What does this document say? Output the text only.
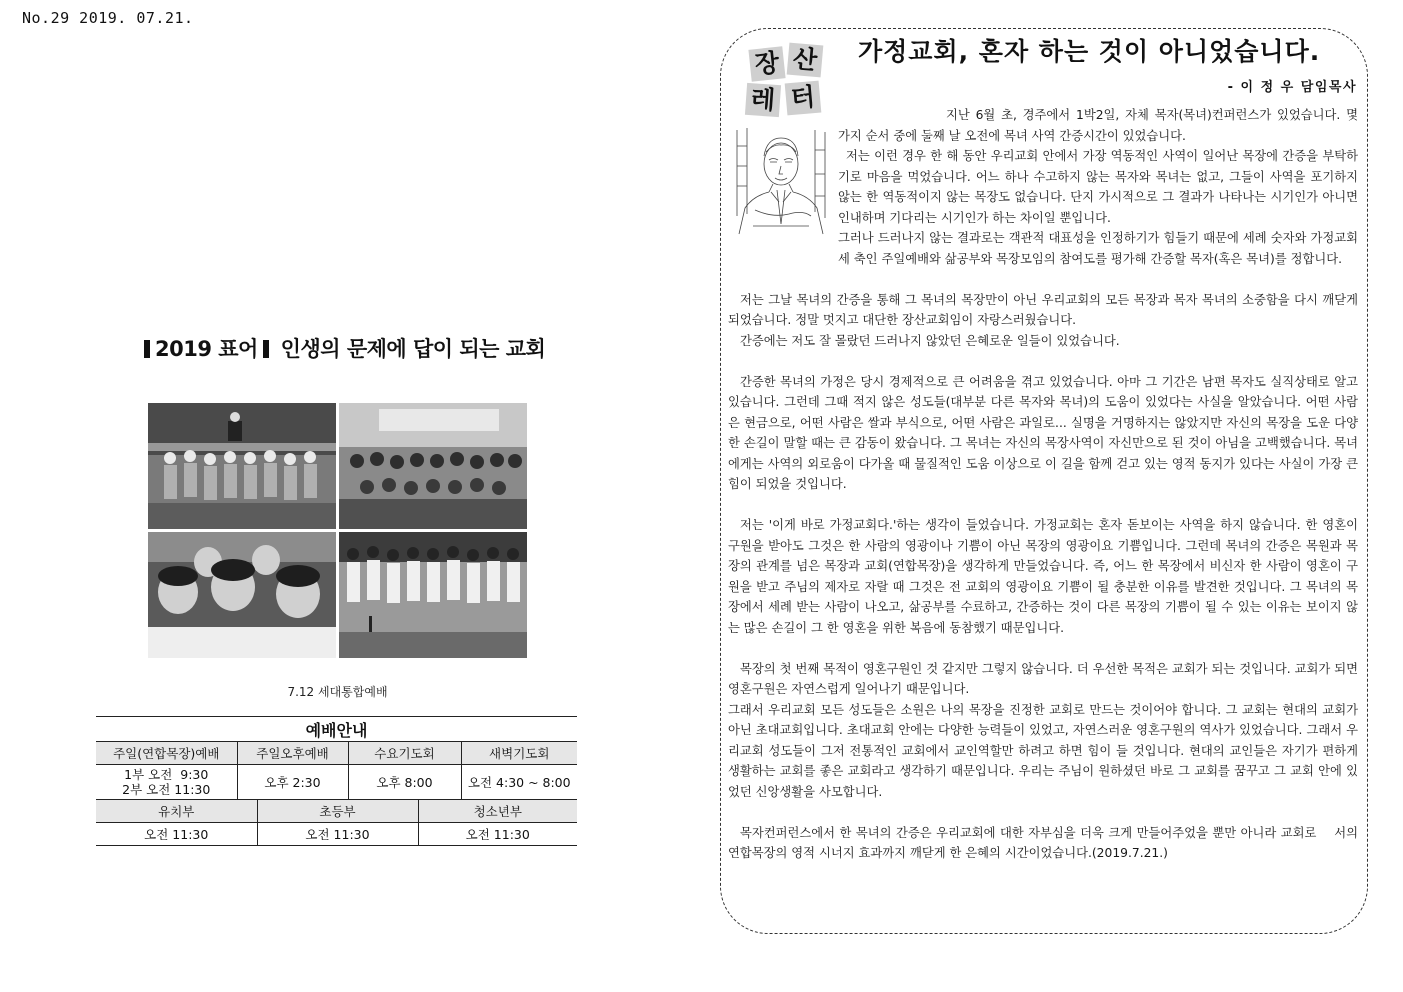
No.29 2019. 07.21.
2019 표어 인생의 문제에 답이 되는 교회
7.12 세대통합예배
예배안내					
주일(연합목장)예배	주일오후예배		수요기도회		새벽기도회

1부 오전  9:30
2부 오전 11:30	오후 2:30		오후 8:00		오전 4:30 ~ 8:00
유치부		초등부		청소년부	
오전 11:30		오전 11:30		오전 11:30	
장 산
레 터
가정교회, 혼자 하는 것이 아니었습니다.
- 이 정 우 담임목사

지난 6월 초, 경주에서 1박2일, 자체 목자(목녀)컨퍼런스가 있었습니다. 몇 가지 순서 중에 둘째 날 오전에 목녀 사역 간증시간이 있었습니다.

저는 이런 경우 한 해 동안 우리교회 안에서 가장 역동적인 사역이 일어난 목장에 간증을 부탁하기로 마음을 먹었습니다. 어느 하나 수고하지 않는 목자와 목녀는 없고, 그들이 사역을 포기하지 않는 한 역동적이지 않는 목장도 없습니다. 단지 가시적으로 그 결과가 나타나는 시기인가 아니면 인내하며 기다리는 시기인가 하는 차이일 뿐입니다.

그러나 드러나지 않는 결과로는 객관적 대표성을 인정하기가 힘들기 때문에 세례 숫자와 가정교회 세 축인 주일예배와 삶공부와 목장모임의 참여도를 평가해 간증할 목자(혹은 목녀)를 정합니다.

저는 그날 목녀의 간증을 통해 그 목녀의 목장만이 아닌 우리교회의 모든 목장과 목자 목녀의 소중함을 다시 깨닫게 되었습니다. 정말 멋지고 대단한 장산교회임이 자랑스러웠습니다.

간증에는 저도 잘 몰랐던 드러나지 않았던 은혜로운 일들이 있었습니다.

간증한 목녀의 가정은 당시 경제적으로 큰 어려움을 겪고 있었습니다. 아마 그 기간은 남편 목자도 실직상태로 알고 있습니다. 그런데 그때 적지 않은 성도들(대부분 다른 목자와 목녀)의 도움이 있었다는 사실을 알았습니다. 어떤 사람은 현금으로, 어떤 사람은 쌀과 부식으로, 어떤 사람은 과일로... 실명을 거명하지는 않았지만 자신의 목장을 도운 다양한 손길이 말할 때는 큰 감동이 왔습니다. 그 목녀는 자신의 목장사역이 자신만으로 된 것이 아님을 고백했습니다. 목녀에게는 사역의 외로움이 다가올 때 물질적인 도움 이상으로 이 길을 함께 걷고 있는 영적 동지가 있다는 사실이 가장 큰 힘이 되었을 것입니다.

저는 '이게 바로 가정교회다.'하는 생각이 들었습니다. 가정교회는 혼자 돋보이는 사역을 하지 않습니다. 한 영혼이 구원을 받아도 그것은 한 사람의 영광이나 기쁨이 아닌 목장의 영광이요 기쁨입니다. 그런데 목녀의 간증은 목원과 목장의 관계를 넘은 목장과 교회(연합목장)을 생각하게 만들었습니다. 즉, 어느 한 목장에서 비신자 한 사람이 영혼이 구원을 받고 주님의 제자로 자랄 때 그것은 전 교회의 영광이요 기쁨이 될 충분한 이유를 발견한 것입니다. 그 목녀의 목장에서 세례 받는 사람이 나오고, 삶공부를 수료하고, 간증하는 것이 다른 목장의 기쁨이 될 수 있는 이유는 보이지 않는 많은 손길이 그 한 영혼을 위한 복음에 동참했기 때문입니다.

목장의 첫 번째 목적이 영혼구원인 것 같지만 그렇지 않습니다. 더 우선한 목적은 교회가 되는 것입니다. 교회가 되면 영혼구원은 자연스럽게 일어나기 때문입니다.

그래서 우리교회 모든 성도들은 소원은 나의 목장을 진정한 교회로 만드는 것이어야 합니다. 그 교회는 현대의 교회가 아닌 초대교회입니다. 초대교회 안에는 다양한 능력들이 있었고, 자연스러운 영혼구원의 역사가 있었습니다. 그래서 우리교회 성도들이 그저 전통적인 교회에서 교인역할만 하려고 하면 힘이 들 것입니다. 현대의 교인들은 자기가 편하게 생활하는 교회를 좋은 교회라고 생각하기 때문입니다. 우리는 주님이 원하셨던 바로 그 교회를 꿈꾸고 그 교회 안에 있었던 신앙생활을 사모합니다.

목자컨퍼런스에서 한 목녀의 간증은 우리교회에 대한 자부심을 더욱 크게 만들어주었을 뿐만 아니라 교회로    서의 연합목장의 영적 시너지 효과까지 깨닫게 한 은혜의 시간이었습니다.(2019.7.21.)
